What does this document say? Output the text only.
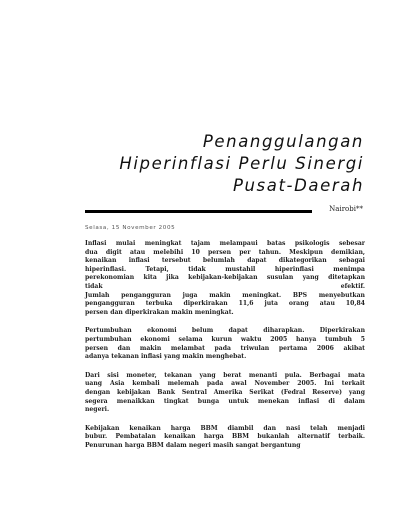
Penanggulangan
Hiperinflasi Perlu Sinergi
Pusat-Daerah
Nairobi**
Selasa, 15 November 2005
Inflasi mulai meningkat tajam melampaui batas psikologis sebesar
dua digit atau melebihi 10 persen per tahun. Meskipun demikian,
kenaikan inflasi tersebut belumlah dapat dikategorikan sebagai
hiperinflasi. Tetapi, tidak mustahil hiperinflasi menimpa
perekonomian kita jika kebijakan-kebijakan susulan yang ditetapkan
tidak efektif.
Jumlah pengangguran juga makin meningkat. BPS menyebutkan
pengangguran terbuka diperkirakan 11,6 juta orang atau 10,84
persen dan diperkirakan makin meningkat.
Pertumbuhan ekonomi belum dapat diharapkan. Diperkirakan
pertumbuhan ekonomi selama kurun waktu 2005 hanya tumbuh 5
persen dan makin melambat pada triwulan pertama 2006 akibat
adanya tekanan inflasi yang makin menghebat.
Dari sisi moneter, tekanan yang berat menanti pula. Berbagai mata
uang Asia kembali melemah pada awal November 2005. Ini terkait
dengan kebijakan Bank Sentral Amerika Serikat (Fedral Reserve) yang
segera menaikkan tingkat bunga untuk menekan inflasi di dalam
negeri.
Kebijakan kenaikan harga BBM diambil dan nasi telah menjadi
bubur. Pembatalan kenaikan harga BBM bukanlah alternatif terbaik.
Penurunan harga BBM dalam negeri masih sangat bergantung
